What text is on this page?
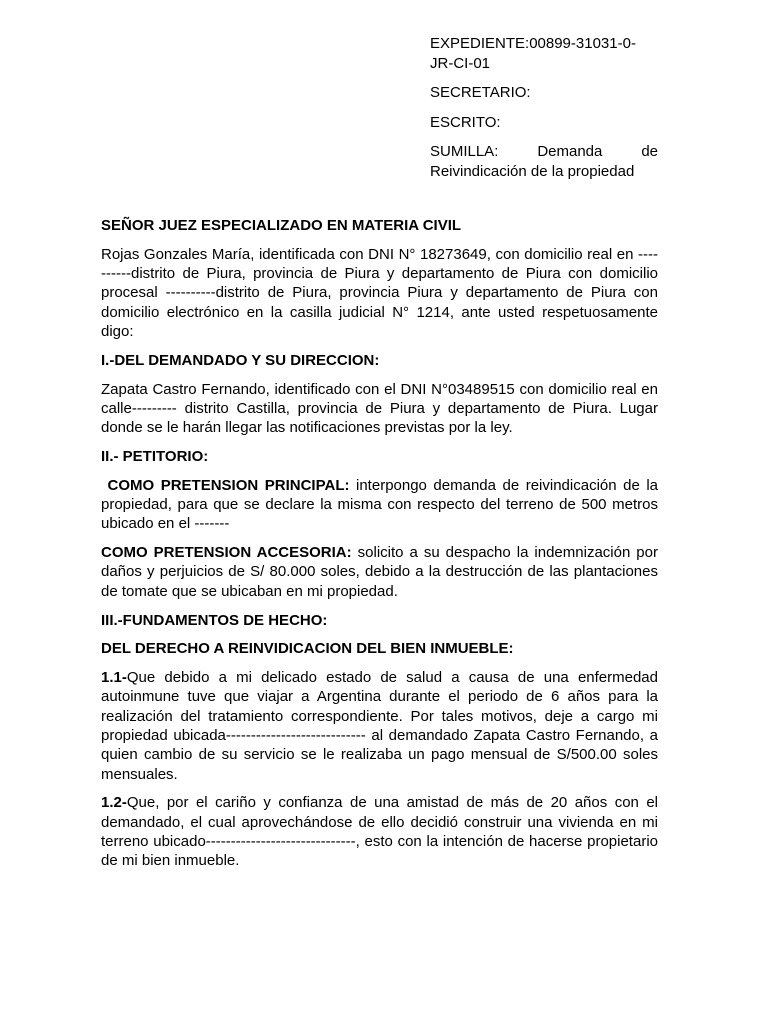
EXPEDIENTE:00899-31031-0-JR-CI-01

SECRETARIO:

ESCRITO:

SUMILLA:	Demanda	de
Reivindicación de la propiedad

SEÑOR JUEZ ESPECIALIZADO EN MATERIA CIVIL

Rojas Gonzales María, identificada con DNI N° 18273649, con domicilio real en ----------distrito de Piura, provincia de Piura y departamento de Piura con domicilio procesal ----------distrito de Piura, provincia Piura y departamento de Piura con domicilio electrónico en la casilla judicial N° 1214, ante usted respetuosamente digo:

I.-DEL DEMANDADO Y SU DIRECCION:

Zapata Castro Fernando, identificado con el DNI N°03489515 con domicilio real en calle--------- distrito Castilla, provincia de Piura y departamento de Piura. Lugar donde se le harán llegar las notificaciones previstas por la ley.

II.- PETITORIO:

COMO PRETENSION PRINCIPAL: interpongo demanda de reivindicación de la propiedad, para que se declare la misma con respecto del terreno de 500 metros ubicado en el -------

COMO PRETENSION ACCESORIA: solicito a su despacho la indemnización por daños y perjuicios de S/ 80.000 soles, debido a la destrucción de las plantaciones de tomate que se ubicaban en mi propiedad.

III.-FUNDAMENTOS DE HECHO:

DEL DERECHO A REINVIDICACION DEL BIEN INMUEBLE:

1.1-Que debido a mi delicado estado de salud a causa de una enfermedad autoinmune tuve que viajar a Argentina durante el periodo de 6 años para la realización del tratamiento correspondiente. Por tales motivos, deje a cargo mi propiedad ubicada---------------------------- al demandado Zapata Castro Fernando, a quien cambio de su servicio se le realizaba un pago mensual de S/500.00 soles mensuales.

1.2-Que, por el cariño y confianza de una amistad de más de 20 años con el demandado, el cual aprovechándose de ello decidió construir una vivienda en mi terreno ubicado------------------------------, esto con la intención de hacerse propietario de mi bien inmueble.
